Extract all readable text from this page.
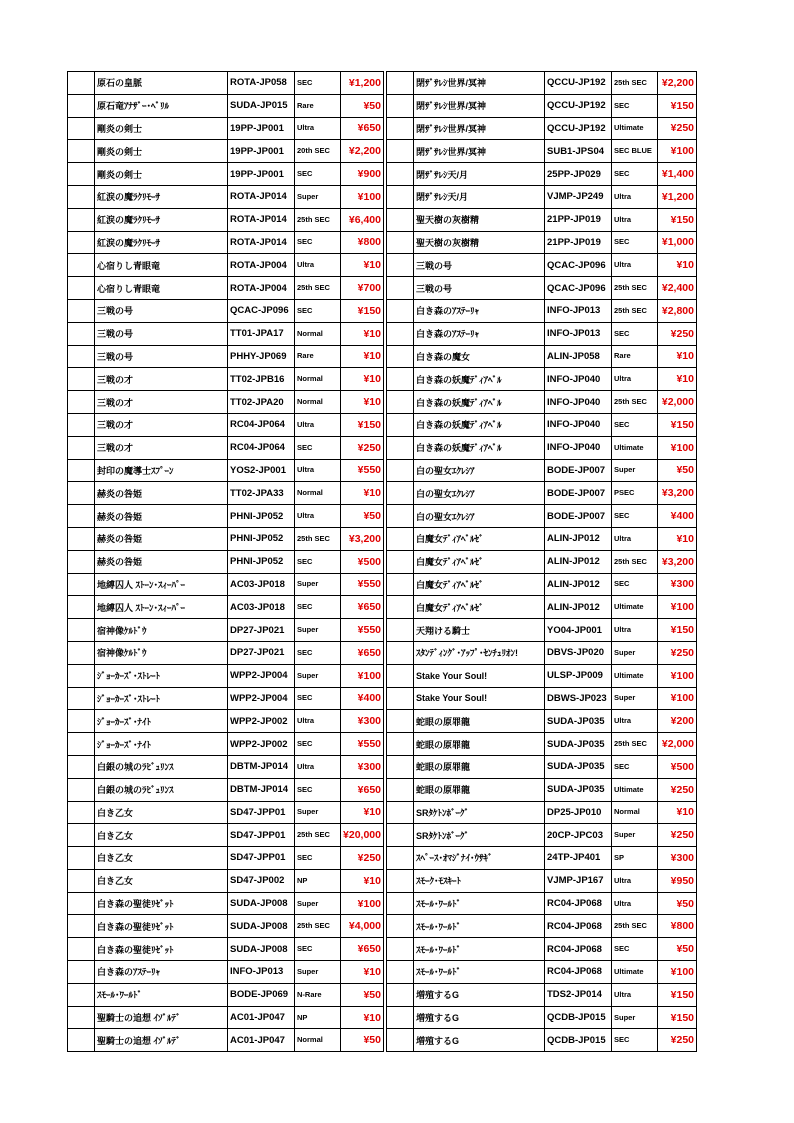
	原石の皇脈	ROTA-JP058	SEC	¥1,200
	原石竜ｱﾅｻﾞｰ･ﾍﾞﾘﾙ	SUDA-JP015	Rare	¥50
	剛炎の剣士	19PP-JP001	Ultra	¥650
	剛炎の剣士	19PP-JP001	20th SEC	¥2,200
	剛炎の剣士	19PP-JP001	SEC	¥900
	紅涙の魔ﾗｸﾘﾓｰｻ	ROTA-JP014	Super	¥100
	紅涙の魔ﾗｸﾘﾓｰｻ	ROTA-JP014	25th SEC	¥6,400
	紅涙の魔ﾗｸﾘﾓｰｻ	ROTA-JP014	SEC	¥800
	心宿りし青眼竜	ROTA-JP004	Ultra	¥10
	心宿りし青眼竜	ROTA-JP004	25th SEC	¥700
	三戦の号	QCAC-JP096	SEC	¥150
	三戦の号	TT01-JPA17	Normal	¥10
	三戦の号	PHHY-JP069	Rare	¥10
	三戦の才	TT02-JPB16	Normal	¥10
	三戦の才	TT02-JPA20	Normal	¥10
	三戦の才	RC04-JP064	Ultra	¥150
	三戦の才	RC04-JP064	SEC	¥250
	封印の魔導士ｽﾌﾟｰﾝ	YOS2-JP001	Ultra	¥550
	赫炎の咎姫	TT02-JPA33	Normal	¥10
	赫炎の咎姫	PHNI-JP052	Ultra	¥50
	赫炎の咎姫	PHNI-JP052	25th SEC	¥3,200
	赫炎の咎姫	PHNI-JP052	SEC	¥500
	地縛囚人 ｽﾄｰﾝ･ｽｨｰﾊﾟｰ	AC03-JP018	Super	¥550
	地縛囚人 ｽﾄｰﾝ･ｽｨｰﾊﾟｰ	AC03-JP018	SEC	¥650
	宿神像ｹﾙﾄﾞｳ	DP27-JP021	Super	¥550
	宿神像ｹﾙﾄﾞｳ	DP27-JP021	SEC	¥650
	ｼﾞｮｰｶｰｽﾞ･ｽﾄﾚｰﾄ	WPP2-JP004	Super	¥100
	ｼﾞｮｰｶｰｽﾞ･ｽﾄﾚｰﾄ	WPP2-JP004	SEC	¥400
	ｼﾞｮｰｶｰｽﾞ･ﾅｲﾄ	WPP2-JP002	Ultra	¥300
	ｼﾞｮｰｶｰｽﾞ･ﾅｲﾄ	WPP2-JP002	SEC	¥550
	白銀の城のﾗﾋﾞｭﾘﾝｽ	DBTM-JP014	Ultra	¥300
	白銀の城のﾗﾋﾞｭﾘﾝｽ	DBTM-JP014	SEC	¥650
	白き乙女	SD47-JPP01	Super	¥10
	白き乙女	SD47-JPP01	25th SEC	¥20,000
	白き乙女	SD47-JPP01	SEC	¥250
	白き乙女	SD47-JP002	NP	¥10
	白き森の聖徒ﾘｾﾞｯﾄ	SUDA-JP008	Super	¥100
	白き森の聖徒ﾘｾﾞｯﾄ	SUDA-JP008	25th SEC	¥4,000
	白き森の聖徒ﾘｾﾞｯﾄ	SUDA-JP008	SEC	¥650
	白き森のｱｽﾃｰﾘｬ	INFO-JP013	Super	¥10
	ｽﾓｰﾙ･ﾜｰﾙﾄﾞ	BODE-JP069	N-Rare	¥50
	聖騎士の追想 ｲｿﾞﾙﾃﾞ	AC01-JP047	NP	¥10
	聖騎士の追想 ｲｿﾞﾙﾃﾞ	AC01-JP047	Normal	¥50
	閉ｻﾞｻﾚｼ世界/冥神	QCCU-JP192	25th SEC	¥2,200
	閉ｻﾞｻﾚｼ世界/冥神	QCCU-JP192	SEC	¥150
	閉ｻﾞｻﾚｼ世界/冥神	QCCU-JP192	Ultimate	¥250
	閉ｻﾞｻﾚｼ世界/冥神	SUB1-JPS04	SEC BLUE	¥100
	閉ｻﾞｻﾚｼ天/月	25PP-JP029	SEC	¥1,400
	閉ｻﾞｻﾚｼ天/月	VJMP-JP249	Ultra	¥1,200
	聖天樹の灰樹精	21PP-JP019	Ultra	¥150
	聖天樹の灰樹精	21PP-JP019	SEC	¥1,000
	三戦の号	QCAC-JP096	Ultra	¥10
	三戦の号	QCAC-JP096	25th SEC	¥2,400
	白き森のｱｽﾃｰﾘｬ	INFO-JP013	25th SEC	¥2,800
	白き森のｱｽﾃｰﾘｬ	INFO-JP013	SEC	¥250
	白き森の魔女	ALIN-JP058	Rare	¥10
	白き森の妖魔ﾃﾞｨｱﾍﾞﾙ	INFO-JP040	Ultra	¥10
	白き森の妖魔ﾃﾞｨｱﾍﾞﾙ	INFO-JP040	25th SEC	¥2,000
	白き森の妖魔ﾃﾞｨｱﾍﾞﾙ	INFO-JP040	SEC	¥150
	白き森の妖魔ﾃﾞｨｱﾍﾞﾙ	INFO-JP040	Ultimate	¥100
	白の聖女ｴｸﾚｼｱ	BODE-JP007	Super	¥50
	白の聖女ｴｸﾚｼｱ	BODE-JP007	PSEC	¥3,200
	白の聖女ｴｸﾚｼｱ	BODE-JP007	SEC	¥400
	白魔女ﾃﾞｨｱﾍﾞﾙｾﾞ	ALIN-JP012	Ultra	¥10
	白魔女ﾃﾞｨｱﾍﾞﾙｾﾞ	ALIN-JP012	25th SEC	¥3,200
	白魔女ﾃﾞｨｱﾍﾞﾙｾﾞ	ALIN-JP012	SEC	¥300
	白魔女ﾃﾞｨｱﾍﾞﾙｾﾞ	ALIN-JP012	Ultimate	¥100
	天翔ける騎士	YO04-JP001	Ultra	¥150
	ｽﾀﾝﾃﾞｨﾝｸﾞ･ｱｯﾌﾟ･ｾﾝﾁｭﾘｵﾝ!	DBVS-JP020	Super	¥250
	Stake Your Soul!	ULSP-JP009	Ultimate	¥100
	Stake Your Soul!	DBWS-JP023	Super	¥100
	蛇眼の原罪龍	SUDA-JP035	Ultra	¥200
	蛇眼の原罪龍	SUDA-JP035	25th SEC	¥2,000
	蛇眼の原罪龍	SUDA-JP035	SEC	¥500
	蛇眼の原罪龍	SUDA-JP035	Ultimate	¥250
	SRﾀｹﾄﾝﾎﾞｰｸﾞ	DP25-JP010	Normal	¥10
	SRﾀｹﾄﾝﾎﾞｰｸﾞ	20CP-JPC03	Super	¥250
	ｽﾍﾟｰｽ･ｵﾏｼﾞﾅｲ･ｳｻｷﾞ	24TP-JP401	SP	¥300
	ｽﾓｰｸ･ﾓｽｷｰﾄ	VJMP-JP167	Ultra	¥950
	ｽﾓｰﾙ･ﾜｰﾙﾄﾞ	RC04-JP068	Ultra	¥50
	ｽﾓｰﾙ･ﾜｰﾙﾄﾞ	RC04-JP068	25th SEC	¥800
	ｽﾓｰﾙ･ﾜｰﾙﾄﾞ	RC04-JP068	SEC	¥50
	ｽﾓｰﾙ･ﾜｰﾙﾄﾞ	RC04-JP068	Ultimate	¥100
	増殖するG	TDS2-JP014	Ultra	¥150
	増殖するG	QCDB-JP015	Super	¥150
	増殖するG	QCDB-JP015	SEC	¥250
